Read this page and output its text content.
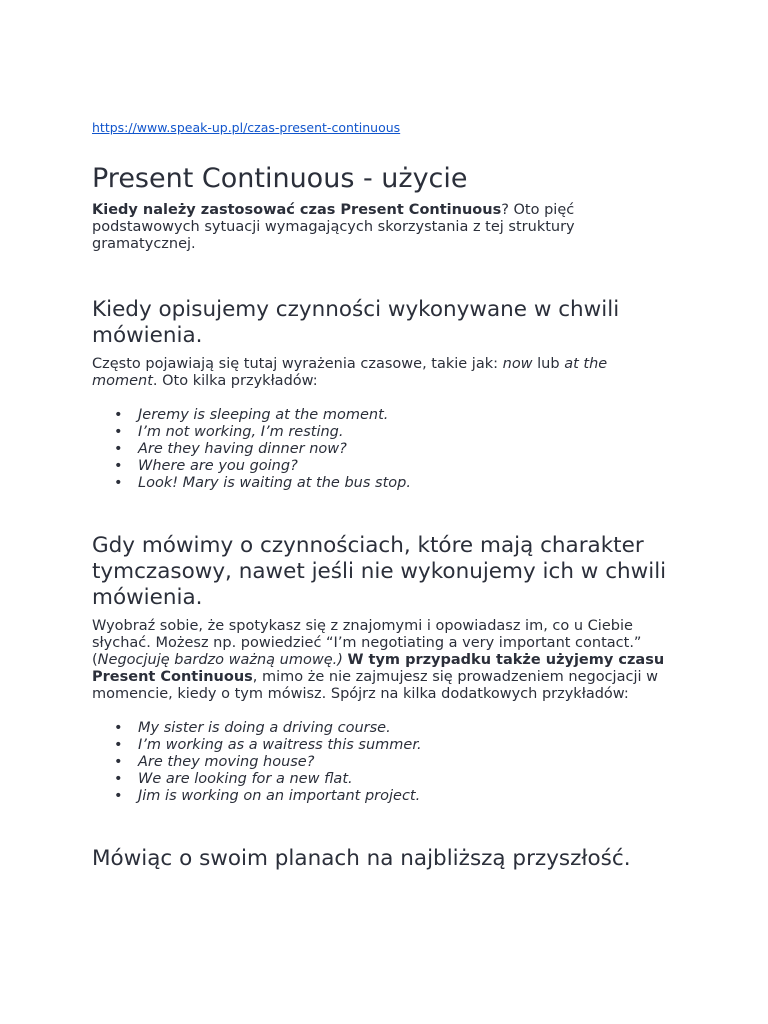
https://www.speak-up.pl/czas-present-continuous
Present Continuous - użycie

Kiedy należy zastosować czas Present Continuous? Oto pięć podstawowych sytuacji wymagających skorzystania z tej struktury gramatycznej.

Kiedy opisujemy czynności wykonywane w chwili mówienia.

Często pojawiają się tutaj wyrażenia czasowe, takie jak: now lub at the moment. Oto kilka przykładów:

• Jeremy is sleeping at the moment.
• I’m not working, I’m resting.
• Are they having dinner now?
• Where are you going?
• Look! Mary is waiting at the bus stop.
Gdy mówimy o czynnościach, które mają charakter tymczasowy, nawet jeśli nie wykonujemy ich w chwili mówienia.

Wyobraź sobie, że spotykasz się z znajomymi i opowiadasz im, co u Ciebie słychać. Możesz np. powiedzieć “I’m negotiating a very important contact.” (Negocjuję bardzo ważną umowę.) W tym przypadku także użyjemy czasu Present Continuous, mimo że nie zajmujesz się prowadzeniem negocjacji w momencie, kiedy o tym mówisz. Spójrz na kilka dodatkowych przykładów:

• My sister is doing a driving course.
• I’m working as a waitress this summer.
• Are they moving house?
• We are looking for a new flat.
• Jim is working on an important project.
Mówiąc o swoim planach na najbliższą przyszłość.
